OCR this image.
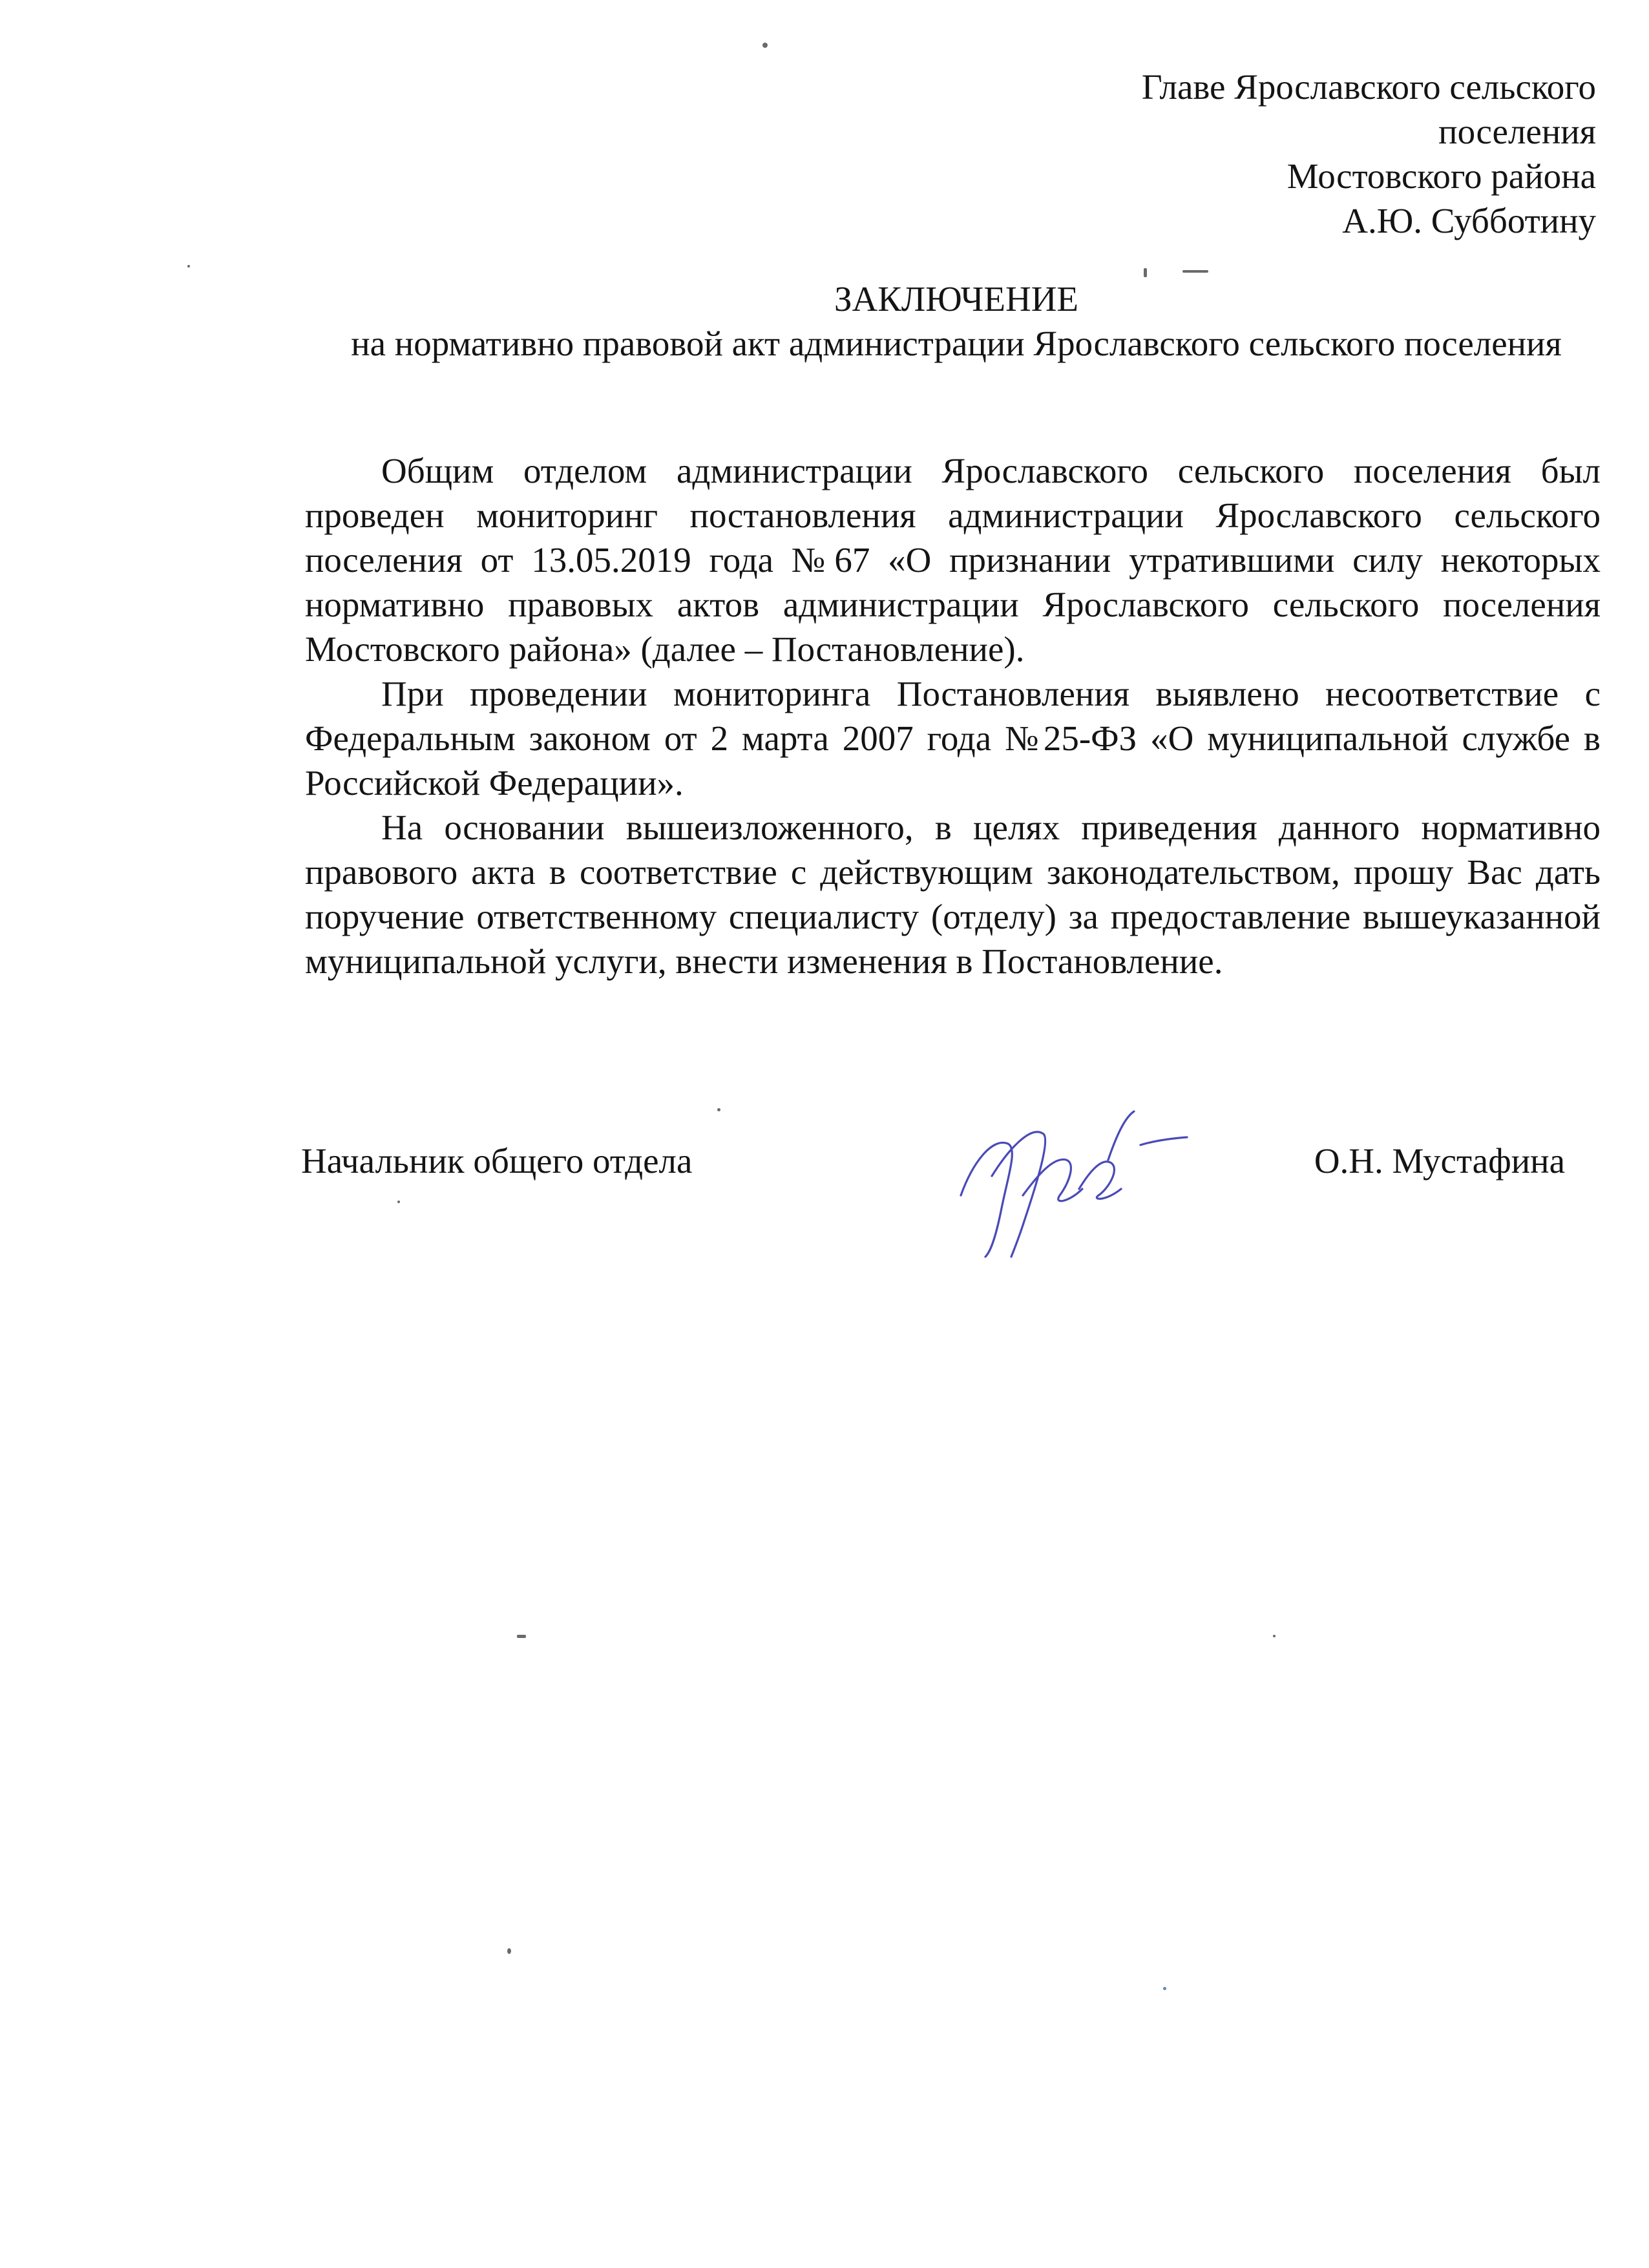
Главе Ярославского сельского
поселения
Мостовского района
А.Ю. Субботину
ЗАКЛЮЧЕНИЕ
на нормативно правовой акт администрации Ярославского сельского поселения

Общим отделом администрации Ярославского сельского поселения был проведен мониторинг постановления администрации Ярославского сельского поселения от 13.05.2019 года №67 «О признании утратившими силу некоторых нормативно правовых актов администрации Ярославского сельского поселения Мостовского района» (далее – Постановление).

При проведении мониторинга Постановления выявлено несоответствие с Федеральным законом от 2 марта 2007 года №25-ФЗ «О муниципальной службе в Российской Федерации».

На основании вышеизложенного, в целях приведения данного нормативно правового акта в соответствие с действующим законодательством, прошу Вас дать поручение ответственному специалисту (отделу) за предоставление вышеуказанной муниципальной услуги, внести изменения в Постановление.

Начальник общего отдела	О.Н. Мустафина
